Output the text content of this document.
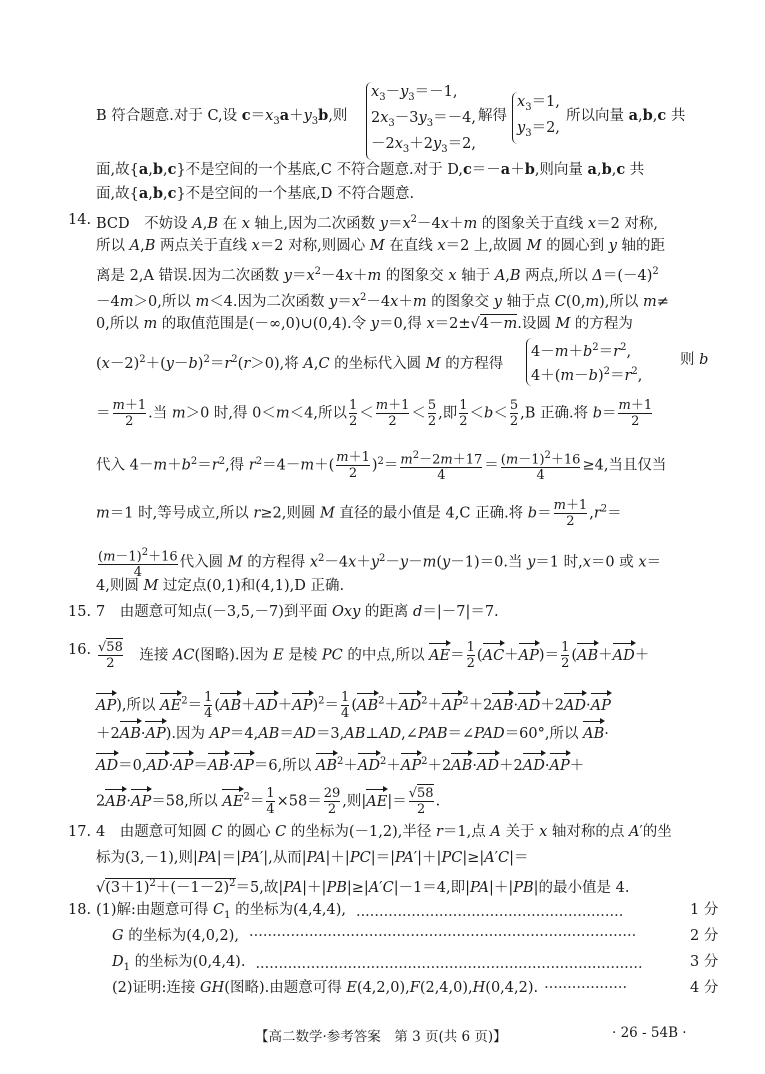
B 符合题意.对于 C,设 $c=x_3a+y_3b$,则
$x_3-y_3=-1$,
$2x_3-3y_3=-4$,
$-2x_3+2y_3=2$,
解得
$x_3=1$,
$y_3=2$,
所以向量 a,b,c 共
面,故{a,b,c}不是空间的一个基底,C 不符合题意.对于 D,c＝－a＋b,则向量 a,b,c 共
面,故{a,b,c}不是空间的一个基底,D 不符合题意.
14. BCD　不妨设 A,B 在 x 轴上,因为二次函数 $y=x^2-4x+m$ 的图象关于直线 x＝2 对称,
所以 A,B 两点关于直线 x＝2 对称,则圆心 M 在直线 x＝2 上,故圆 M 的圆心到 y 轴的距
离是 2,A 错误.因为二次函数 $y=x^2-4x+m$ 的图象交 x 轴于 A,B 两点,所以 $\Delta=(-4)^2$
－4m＞0,所以 m＜4.因为二次函数 $y=x^2-4x+m$ 的图象交 y 轴于点 C(0,m),所以 m≠
0,所以 m 的取值范围是(－∞,0)∪(0,4).令 y＝0,得 x＝2±√4－m.设圆 M 的方程为
$(x-2)^2+(y-b)^2=r^2(r>0)$,将 A,C 的坐标代入圆 M 的方程得
$4-m+b^2=r^2$,
$4+(m-b)^2=r^2$,
则 b
＝ $\frac{m+1}{2}$ .当 m＞0 时,得 0＜m＜4,所以 $\frac{1}{2} < \frac{m+1}{2} < \frac{5}{2}$ ,即 $\frac{1}{2} <b< \frac{5}{2} ,B$ 正确.将 $b= \frac{m+1}{2}$
代入 $4-m+b^2=r^2$,得 $r^2=4-m+( \frac{m+1}{2} )^2= \frac{m^2-2m+17}{4} = \frac{(m-1)^2+16}{4} \ge 4$,当且仅当
m＝1 时,等号成立,所以 r≥2,则圆 M 直径的最小值是 4,C 正确.将 $b= \frac{m+1}{2} ,r^2=$
$\frac{(m-1)^2+16}{4}$ 代入圆 M 的方程得 $x^2-4x+y^2-y-m(y-1)=0$.当 y＝1 时,x＝0 或 x＝
4,则圆 M 过定点(0,1)和(4,1),D 正确.
15. 7　由题意可知点(－3,5,－7)到平面 Oxy 的距离 d＝|－7|＝7.
16. $\frac{√58}{2}$ 　连接 AC(图略).因为 E 是棱 PC 的中点,所以 $AE= \frac{1}{2} (AC+AP)= \frac{1}{2} (AB+AD+$
AP),所以 $AE^2= \frac{1}{4} (AB+AD+AP)^2= \frac{1}{4} (AB^2+AD^2+AP^2+2AB\cdot AD+2AD\cdot AP$
＋2AB·AP).因为 AP＝4,AB＝AD＝3,AB⊥AD,∠PAB＝∠PAD＝60°,所以 AB·
AD＝0,AD·AP＝AB·AP＝6,所以 $AB^2+AD^2+AP^2+2AB\cdot AD+2AD\cdot AP+$
2AB·AP＝58,所以 $AE^2= \frac{1}{4} \times 58= \frac{29}{2}$ ,则$|AE|= \frac{√58}{2}$ .
17. 4　由题意可知圆 C 的圆心 C 的坐标为(－1,2),半径 r＝1,点 A 关于 x 轴对称的点 A′的坐
标为(3,－1),则|PA|＝|PA′|,从而|PA|＋|PC|＝|PA′|＋|PC|≥|A′C|＝
$√(3+1)^2+(-1-2)^2=5$,故|PA|＋|PB|≥|A′C|－1＝4,即|PA|＋|PB|的最小值是 4.
18. (1)解:由题意可得 $C_1$ 的坐标为(4,4,4), ··························································	1 分
G 的坐标为(4,0,2), ····················································································	2 分
$D_1$ 的坐标为(0,4,4). ····················································································	3 分
(2)证明:连接 GH(图略).由题意可得 E(4,2,0),F(2,4,0),H(0,4,2). ··················	4 分
【高二数学·参考答案　第 3 页(共 6 页)】	· 26 - 54B ·
